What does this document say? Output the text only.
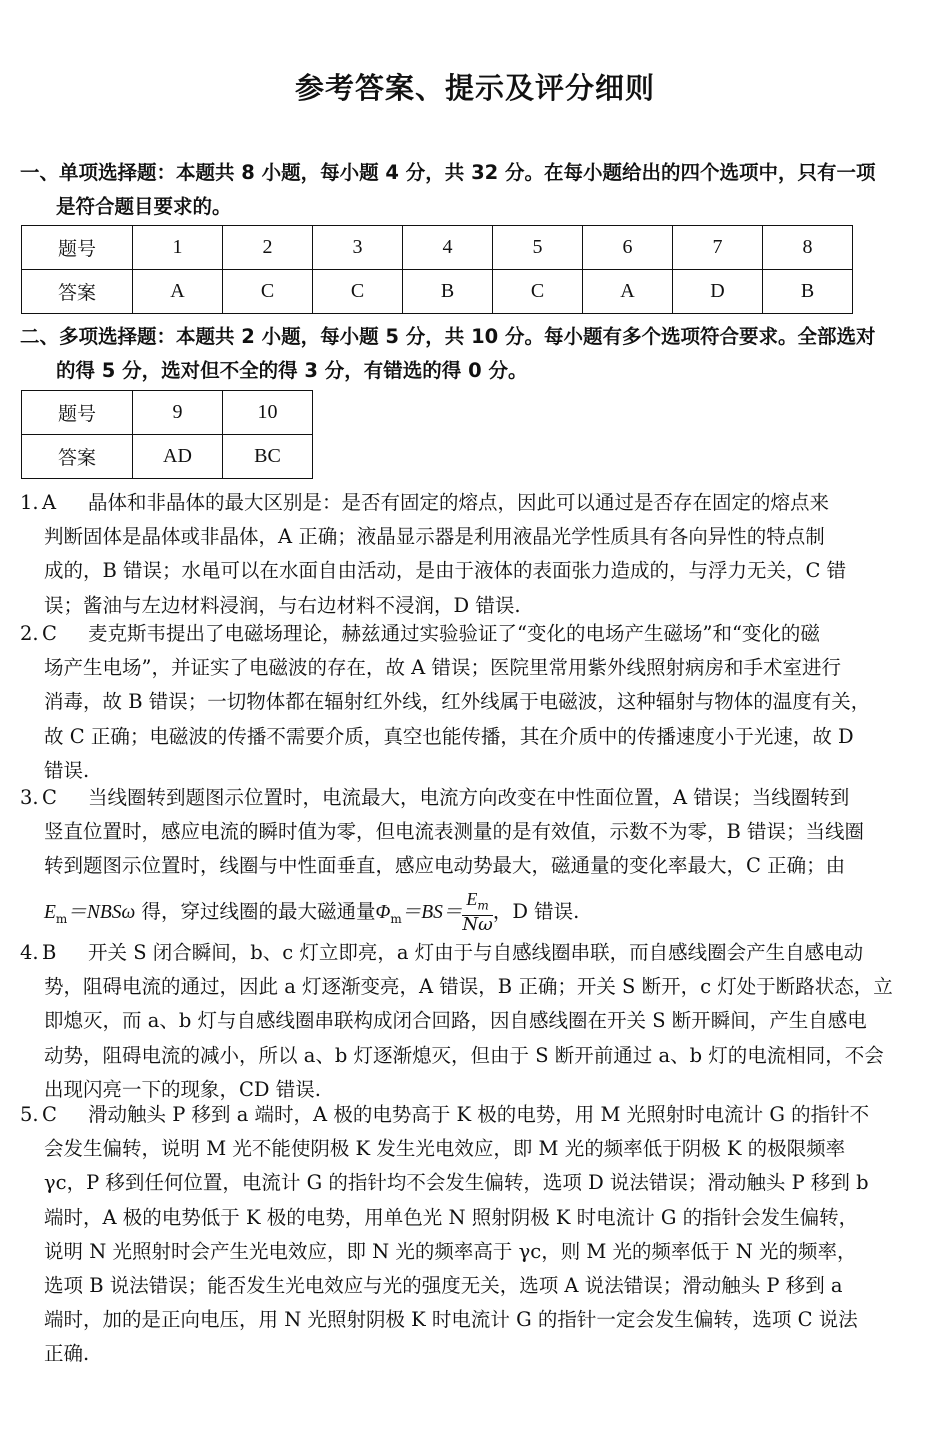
参考答案、提示及评分细则
一、单项选择题：本题共 8 小题，每小题 4 分，共 32 分。在每小题给出的四个选项中，只有一项
是符合题目要求的。
题号	1	2	3	4	5	6	7	8
答案	A	C	C	B	C	A	D	B
二、多项选择题：本题共 2 小题，每小题 5 分，共 10 分。每小题有多个选项符合要求。全部选对
的得 5 分，选对但不全的得 3 分，有错选的得 0 分。
题号	9	10
答案	AD	BC

1. A 晶体和非晶体的最大区别是：是否有固定的熔点，因此可以通过是否存在固定的熔点来

判断固体是晶体或非晶体，A 正确；液晶显示器是利用液晶光学性质具有各向异性的特点制

成的，B 错误；水黾可以在水面自由活动，是由于液体的表面张力造成的，与浮力无关，C 错

误；酱油与左边材料浸润，与右边材料不浸润，D 错误.

2. C 麦克斯韦提出了电磁场理论，赫兹通过实验验证了“变化的电场产生磁场”和“变化的磁

场产生电场”，并证实了电磁波的存在，故 A 错误；医院里常用紫外线照射病房和手术室进行

消毒，故 B 错误；一切物体都在辐射红外线，红外线属于电磁波，这种辐射与物体的温度有关，

故 C 正确；电磁波的传播不需要介质，真空也能传播，其在介质中的传播速度小于光速，故 D

错误.

3. C 当线圈转到题图示位置时，电流最大，电流方向改变在中性面位置，A 错误；当线圈转到

竖直位置时，感应电流的瞬时值为零，但电流表测量的是有效值，示数不为零，B 错误；当线圈

转到题图示位置时，线圈与中性面垂直，感应电动势最大，磁通量的变化率最大，C 正确；由

$E_m=NBS\omega$ 得，穿过线圈的最大磁通量$\Phi_m=BS= \frac{E_m}{N\omega}$ ，D 错误.

4. B 开关 S 闭合瞬间，b、c 灯立即亮，a 灯由于与自感线圈串联，而自感线圈会产生自感电动

势，阻碍电流的通过，因此 a 灯逐渐变亮，A 错误，B 正确；开关 S 断开，c 灯处于断路状态，立

即熄灭，而 a、b 灯与自感线圈串联构成闭合回路，因自感线圈在开关 S 断开瞬间，产生自感电

动势，阻碍电流的减小，所以 a、b 灯逐渐熄灭，但由于 S 断开前通过 a、b 灯的电流相同，不会

出现闪亮一下的现象，CD 错误.

5. C 滑动触头 P 移到 a 端时，A 极的电势高于 K 极的电势，用 M 光照射时电流计 G 的指针不

会发生偏转，说明 M 光不能使阴极 K 发生光电效应，即 M 光的频率低于阴极 K 的极限频率

γc，P 移到任何位置，电流计 G 的指针均不会发生偏转，选项 D 说法错误；滑动触头 P 移到 b

端时，A 极的电势低于 K 极的电势，用单色光 N 照射阴极 K 时电流计 G 的指针会发生偏转，

说明 N 光照射时会产生光电效应，即 N 光的频率高于 γc，则 M 光的频率低于 N 光的频率，

选项 B 说法错误；能否发生光电效应与光的强度无关，选项 A 说法错误；滑动触头 P 移到 a

端时，加的是正向电压，用 N 光照射阴极 K 时电流计 G 的指针一定会发生偏转，选项 C 说法

正确.
